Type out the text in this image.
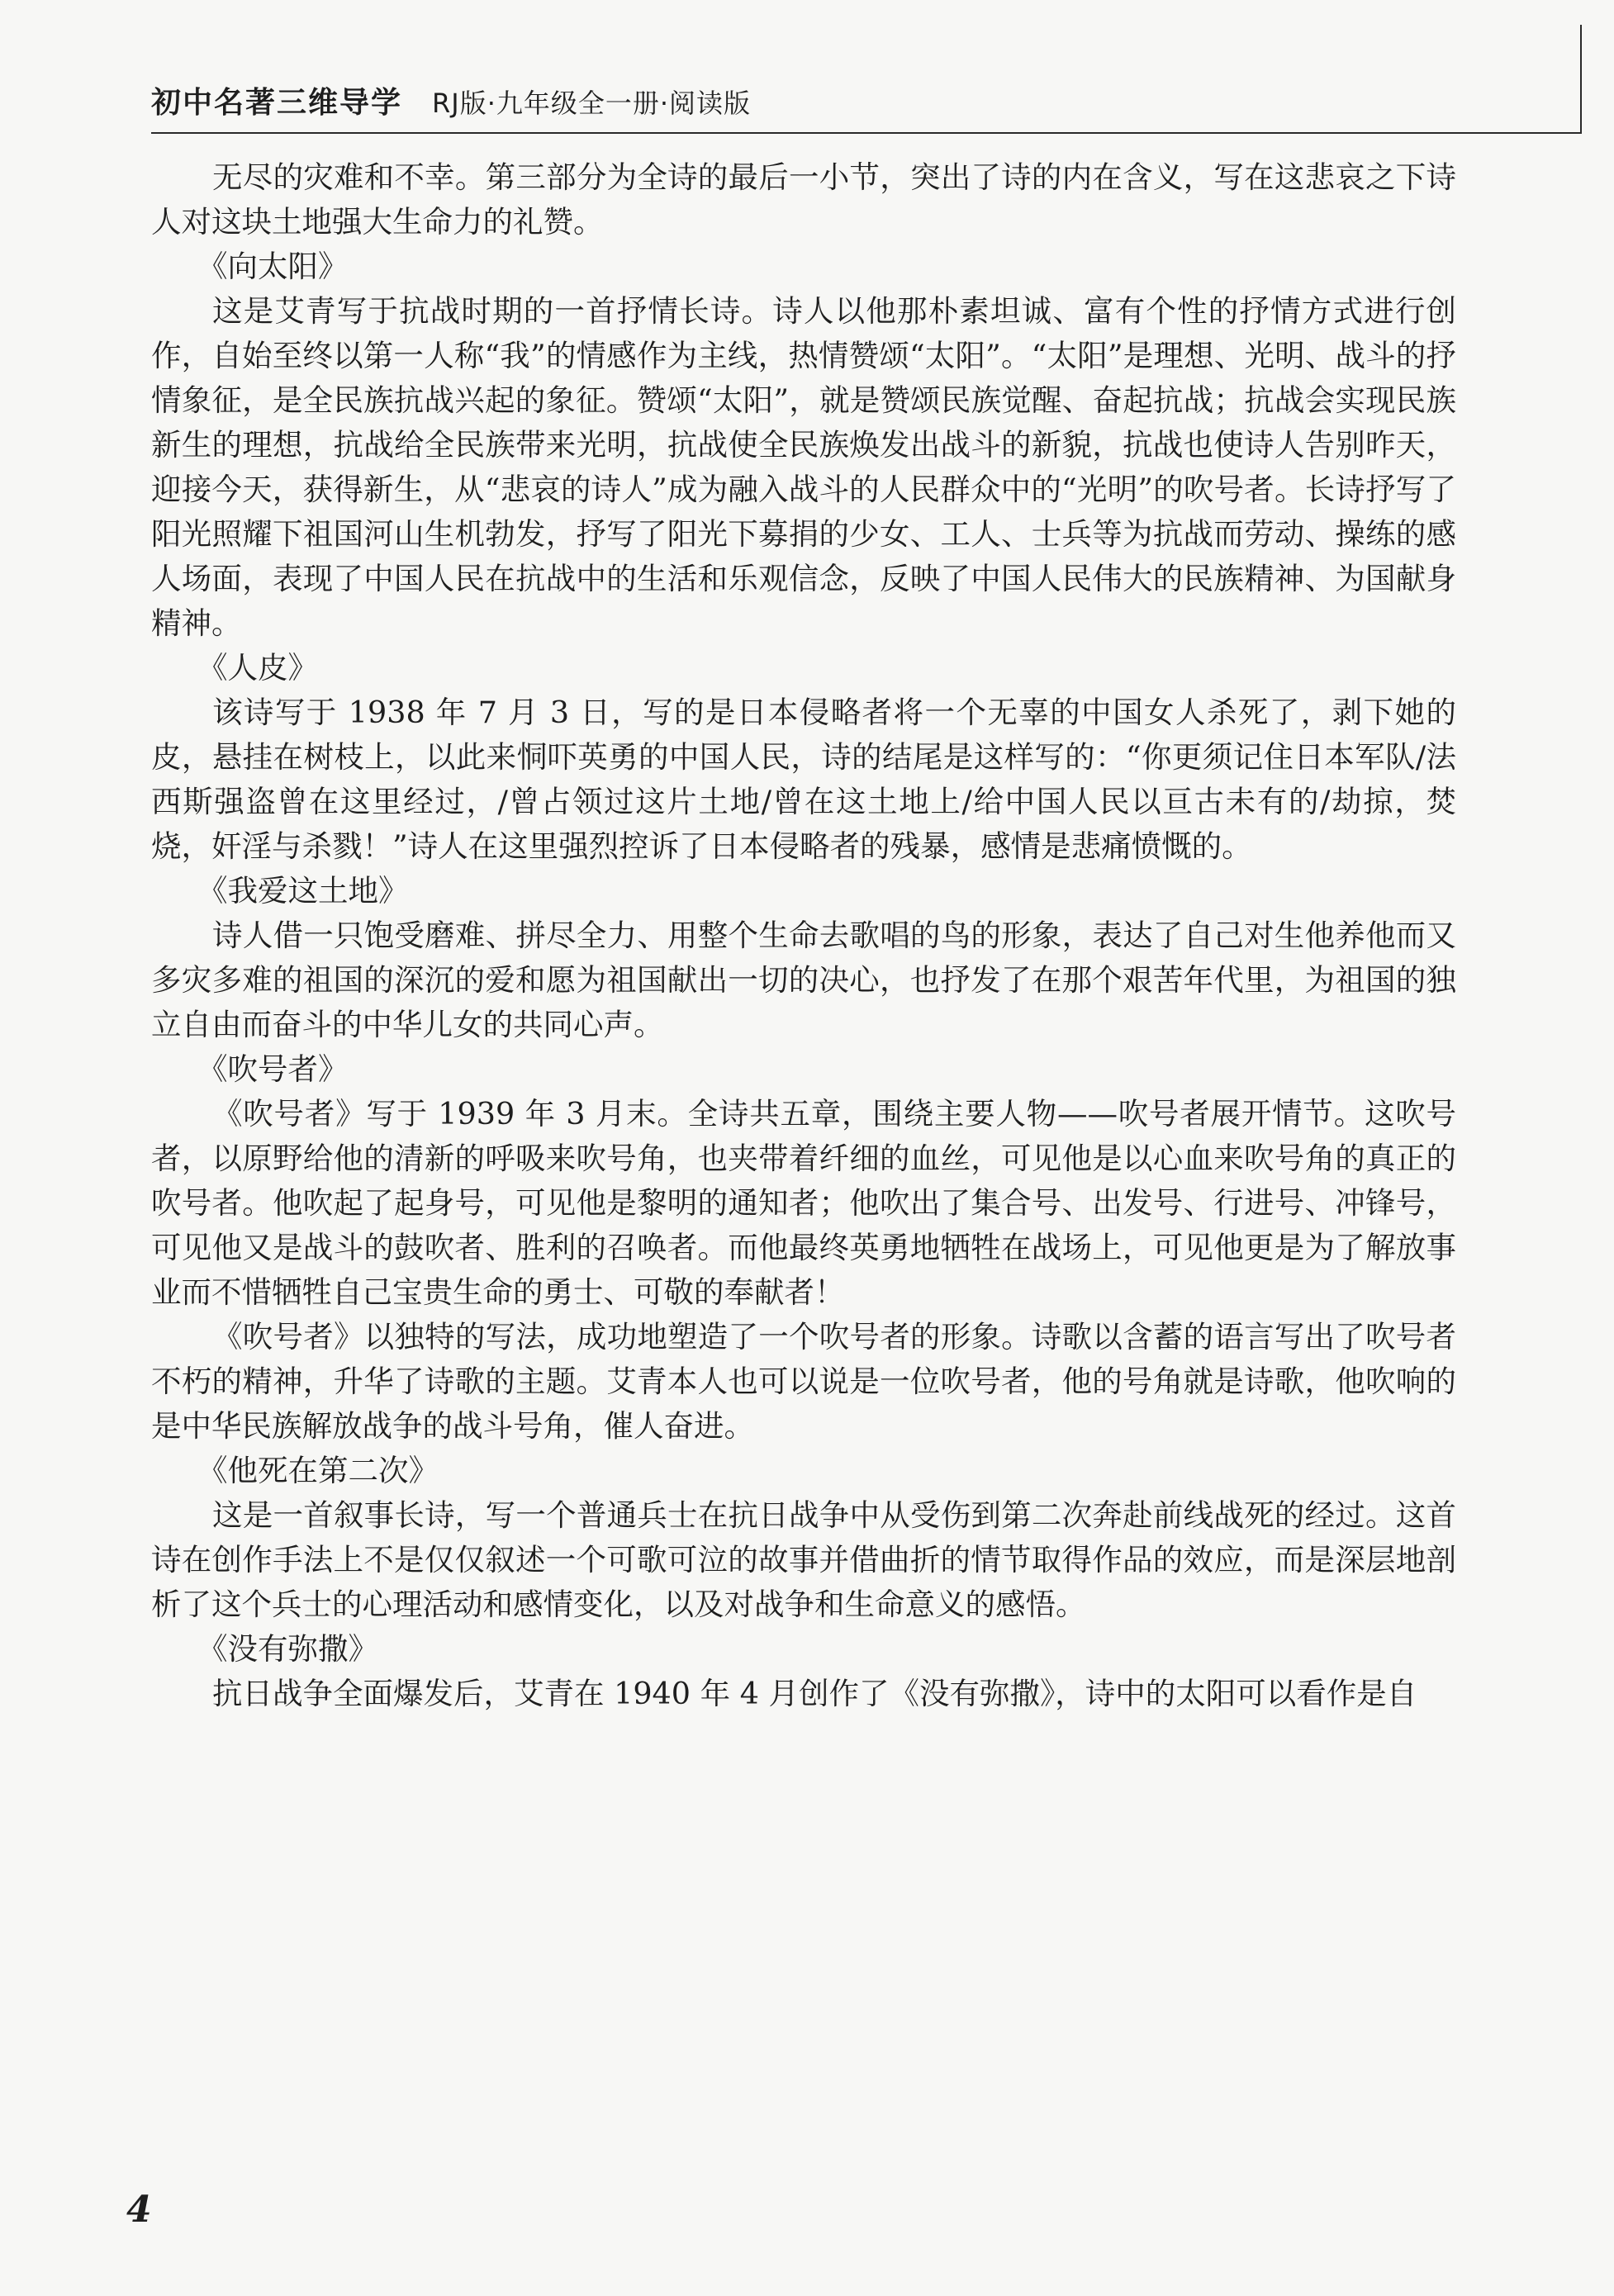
初中名著三维导学 RJ版·九年级全一册·阅读版

无尽的灾难和不幸。第三部分为全诗的最后一小节，突出了诗的内在含义，写在这悲哀之下诗人对这块土地强大生命力的礼赞。

《向太阳》

这是艾青写于抗战时期的一首抒情长诗。诗人以他那朴素坦诚、富有个性的抒情方式进行创作，自始至终以第一人称“我”的情感作为主线，热情赞颂“太阳”。“太阳”是理想、光明、战斗的抒情象征，是全民族抗战兴起的象征。赞颂“太阳”，就是赞颂民族觉醒、奋起抗战；抗战会实现民族新生的理想，抗战给全民族带来光明，抗战使全民族焕发出战斗的新貌，抗战也使诗人告别昨天，迎接今天，获得新生，从“悲哀的诗人”成为融入战斗的人民群众中的“光明”的吹号者。长诗抒写了阳光照耀下祖国河山生机勃发，抒写了阳光下募捐的少女、工人、士兵等为抗战而劳动、操练的感人场面，表现了中国人民在抗战中的生活和乐观信念，反映了中国人民伟大的民族精神、为国献身精神。

《人皮》

该诗写于 1938 年 7 月 3 日，写的是日本侵略者将一个无辜的中国女人杀死了，剥下她的皮，悬挂在树枝上，以此来恫吓英勇的中国人民，诗的结尾是这样写的：“你更须记住日本军队/法西斯强盗曾在这里经过，/曾占领过这片土地/曾在这土地上/给中国人民以亘古未有的/劫掠，焚烧，奸淫与杀戮！”诗人在这里强烈控诉了日本侵略者的残暴，感情是悲痛愤慨的。

《我爱这土地》

诗人借一只饱受磨难、拼尽全力、用整个生命去歌唱的鸟的形象，表达了自己对生他养他而又多灾多难的祖国的深沉的爱和愿为祖国献出一切的决心，也抒发了在那个艰苦年代里，为祖国的独立自由而奋斗的中华儿女的共同心声。

《吹号者》

《吹号者》写于 1939 年 3 月末。全诗共五章，围绕主要人物——吹号者展开情节。这吹号者，以原野给他的清新的呼吸来吹号角，也夹带着纤细的血丝，可见他是以心血来吹号角的真正的吹号者。他吹起了起身号，可见他是黎明的通知者；他吹出了集合号、出发号、行进号、冲锋号，可见他又是战斗的鼓吹者、胜利的召唤者。而他最终英勇地牺牲在战场上，可见他更是为了解放事业而不惜牺牲自己宝贵生命的勇士、可敬的奉献者！

《吹号者》以独特的写法，成功地塑造了一个吹号者的形象。诗歌以含蓄的语言写出了吹号者不朽的精神，升华了诗歌的主题。艾青本人也可以说是一位吹号者，他的号角就是诗歌，他吹响的是中华民族解放战争的战斗号角，催人奋进。

《他死在第二次》

这是一首叙事长诗，写一个普通兵士在抗日战争中从受伤到第二次奔赴前线战死的经过。这首诗在创作手法上不是仅仅叙述一个可歌可泣的故事并借曲折的情节取得作品的效应，而是深层地剖析了这个兵士的心理活动和感情变化，以及对战争和生命意义的感悟。

《没有弥撒》

抗日战争全面爆发后，艾青在 1940 年 4 月创作了《没有弥撒》，诗中的太阳可以看作是自

4
